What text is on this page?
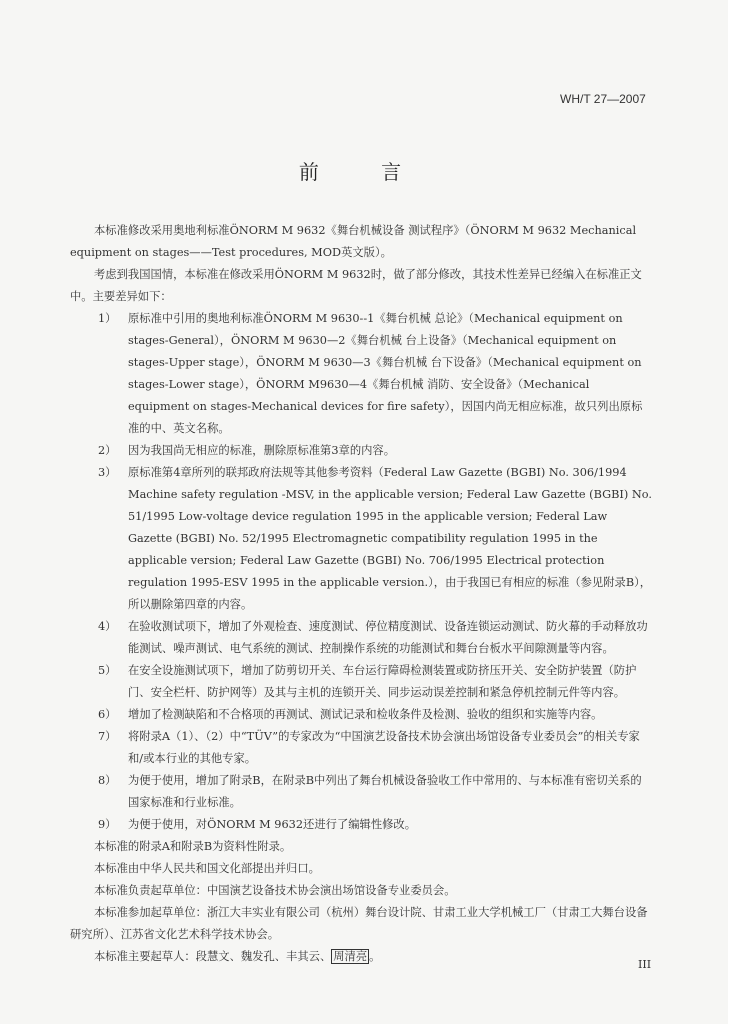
WH/T 27—2007
前 言

本标准修改采用奥地利标准ÖNORM M 9632《舞台机械设备 测试程序》（ÖNORM M 9632 Mechanical equipment on stages——Test procedures, MOD英文版）。

考虑到我国国情，本标准在修改采用ÖNORM M 9632时，做了部分修改，其技术性差异已经编入在标准正文中。主要差异如下：

1） 原标准中引用的奥地利标准ÖNORM M 9630--1《舞台机械 总论》（Mechanical equipment on stages-General），ÖNORM M 9630—2《舞台机械 台上设备》（Mechanical equipment on stages-Upper stage），ÖNORM M 9630—3《舞台机械 台下设备》（Mechanical equipment on stages-Lower stage），ÖNORM M9630—4《舞台机械 消防、安全设备》（Mechanical equipment on stages-Mechanical devices for fire safety），因国内尚无相应标准，故只列出原标准的中、英文名称。
2） 因为我国尚无相应的标准，删除原标准第3章的内容。
3） 原标准第4章所列的联邦政府法规等其他参考资料（Federal Law Gazette (BGBI) No. 306/1994 Machine safety regulation -MSV, in the applicable version; Federal Law Gazette (BGBI) No. 51/1995 Low-voltage device regulation 1995 in the applicable version; Federal Law Gazette (BGBI) No. 52/1995 Electromagnetic compatibility regulation 1995 in the applicable version; Federal Law Gazette (BGBI) No. 706/1995 Electrical protection regulation 1995-ESV 1995 in the applicable version.），由于我国已有相应的标准（参见附录B），所以删除第四章的内容。
4） 在验收测试项下，增加了外观检查、速度测试、停位精度测试、设备连锁运动测试、防火幕的手动释放功能测试、噪声测试、电气系统的测试、控制操作系统的功能测试和舞台台板水平间隙测量等内容。
5） 在安全设施测试项下，增加了防剪切开关、车台运行障碍检测装置或防挤压开关、安全防护装置（防护门、安全栏杆、防护网等）及其与主机的连锁开关、同步运动误差控制和紧急停机控制元件等内容。
6） 增加了检测缺陷和不合格项的再测试、测试记录和检收条件及检测、验收的组织和实施等内容。
7） 将附录A（1）、（2）中“TÜV”的专家改为“中国演艺设备技术协会演出场馆设备专业委员会”的相关专家和/或本行业的其他专家。
8） 为便于使用，增加了附录B，在附录B中列出了舞台机械设备验收工作中常用的、与本标准有密切关系的国家标准和行业标准。
9） 为便于使用，对ÖNORM M 9632还进行了编辑性修改。

本标准的附录A和附录B为资料性附录。

本标准由中华人民共和国文化部提出并归口。

本标准负责起草单位：中国演艺设备技术协会演出场馆设备专业委员会。

本标准参加起草单位：浙江大丰实业有限公司（杭州）舞台设计院、甘肃工业大学机械工厂（甘肃工大舞台设备研究所）、江苏省文化艺术科学技术协会。

本标准主要起草人：段慧文、魏发孔、丰其云、 周清亮 。

III
